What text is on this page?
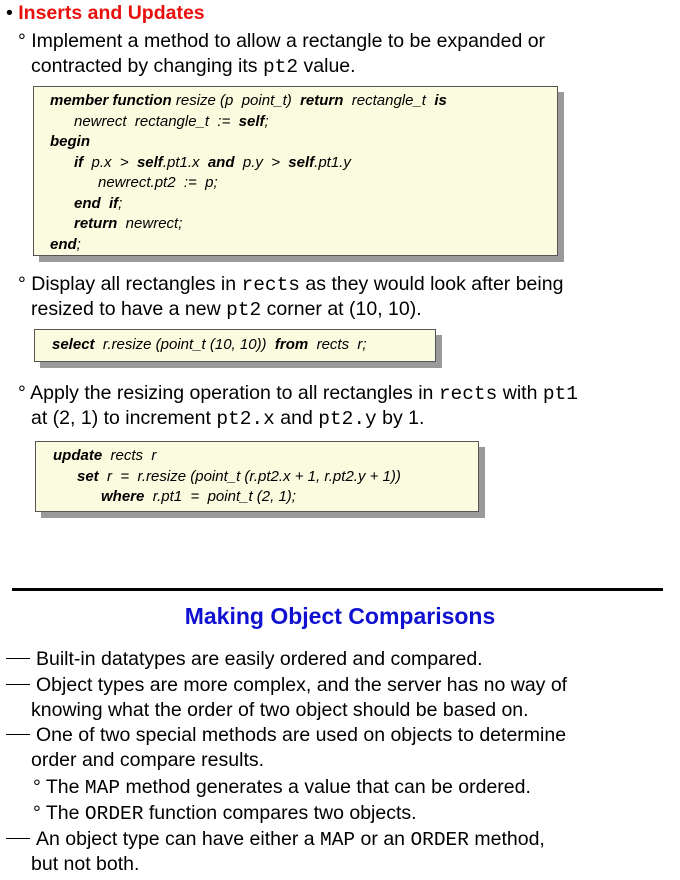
• Inserts and Updates
° Implement a method to allow a rectangle to be expanded or
contracted by changing its pt2 value.
member function resize (p  point_t)  return  rectangle_t  is
newrect  rectangle_t  :=  self;
begin
if  p.x  >  self.pt1.x  and  p.y  >  self.pt1.y
newrect.pt2  :=  p;
end  if;
return  newrect;
end;
° Display all rectangles in rects as they would look after being
resized to have a new pt2 corner at (10, 10).
select  r.resize (point_t (10, 10))  from  rects  r;
° Apply the resizing operation to all rectangles in rects with pt1
at (2, 1) to increment pt2.x and pt2.y by 1.
update  rects  r
set  r  =  r.resize (point_t (r.pt2.x + 1, r.pt2.y + 1))
where  r.pt1  =  point_t (2, 1);
Making Object Comparisons
Built-in datatypes are easily ordered and compared.
Object types are more complex, and the server has no way of
knowing what the order of two object should be based on.
One of two special methods are used on objects to determine
order and compare results.
° The MAP method generates a value that can be ordered.
° The ORDER function compares two objects.
An object type can have either a MAP or an ORDER method,
but not both.
